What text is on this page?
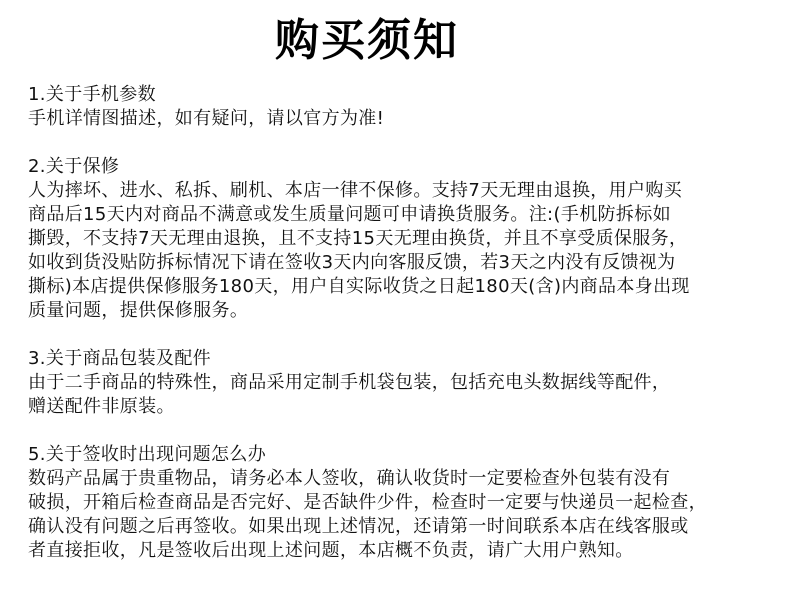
购买须知
1.关于手机参数
手机详情图描述，如有疑问，请以官方为准!
2.关于保修
人为摔坏、进水、私拆、刷机、本店一律不保修。支持7天无理由退换，用户购买
商品后15天内对商品不满意或发生质量问题可申请换货服务。注:(手机防拆标如
撕毁，不支持7天无理由退换，且不支持15天无理由换货，并且不享受质保服务，
如收到货没贴防拆标情况下请在签收3天内向客服反馈，若3天之内没有反馈视为
撕标)本店提供保修服务180天，用户自实际收货之日起180天(含)内商品本身出现
质量问题，提供保修服务。
3.关于商品包装及配件
由于二手商品的特殊性，商品采用定制手机袋包装，包括充电头数据线等配件，
赠送配件非原装。
5.关于签收时出现问题怎么办
数码产品属于贵重物品，请务必本人签收，确认收货时一定要检查外包装有没有
破损，开箱后检查商品是否完好、是否缺件少件，检查时一定要与快递员一起检查，
确认没有问题之后再签收。如果出现上述情况，还请第一时间联系本店在线客服或
者直接拒收，凡是签收后出现上述问题，本店概不负责，请广大用户熟知。
